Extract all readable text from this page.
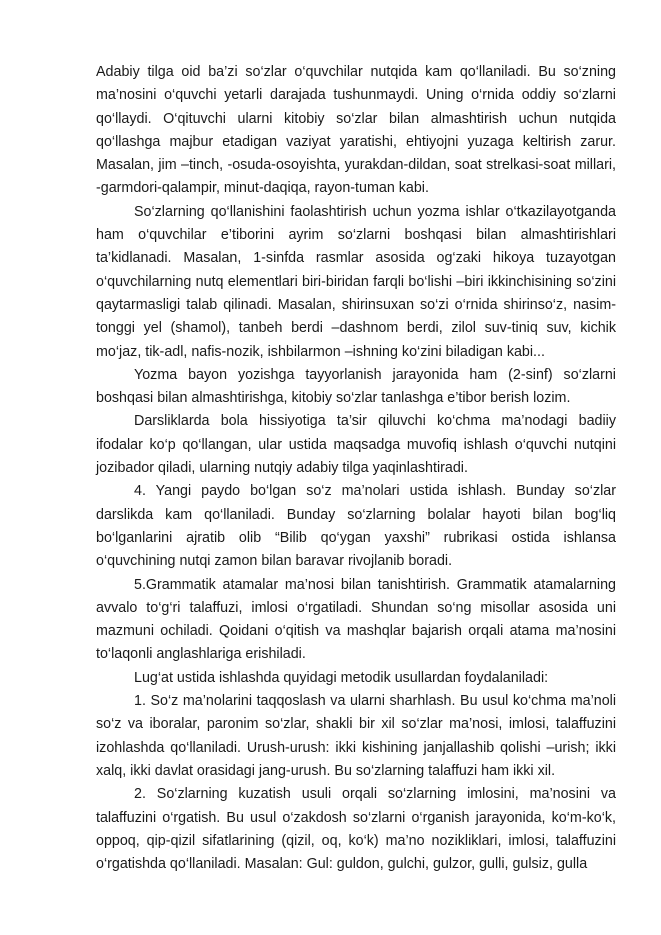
Adabiy tilga oid ba’zi so‘zlar o‘quvchilar nutqida kam qo‘llaniladi. Bu so‘zning ma’nosini o‘quvchi yetarli darajada tushunmaydi. Uning o‘rnida oddiy so‘zlarni qo‘llaydi. O‘qituvchi ularni kitobiy so‘zlar bilan almashtirish uchun nutqida qo‘llashga majbur etadigan vaziyat yaratishi, ehtiyojni yuzaga keltirish zarur. Masalan, jim –tinch, -osuda-osoyishta, yurakdan-dildan, soat strelkasi-soat millari, -garmdori-qalampir, minut-daqiqa, rayon-tuman kabi.

So‘zlarning qo‘llanishini faolashtirish uchun yozma ishlar o‘tkazilayotganda ham o‘quvchilar e’tiborini ayrim so‘zlarni boshqasi bilan almashtirishlari ta’kidlanadi. Masalan, 1-sinfda rasmlar asosida og‘zaki hikoya tuzayotgan o‘quvchilarning nutq elementlari biri-biridan farqli bo‘lishi –biri ikkinchisining so‘zini qaytarmasligi talab qilinadi. Masalan, shirinsuxan so‘zi o‘rnida shirinso‘z, nasim-tonggi yel (shamol), tanbeh berdi –dashnom berdi, zilol suv-tiniq suv, kichik mo‘jaz, tik-adl, nafis-nozik, ishbilarmon –ishning ko‘zini biladigan kabi...

Yozma bayon yozishga tayyorlanish jarayonida ham (2-sinf) so‘zlarni boshqasi bilan almashtirishga, kitobiy so‘zlar tanlashga e’tibor berish lozim.

Darsliklarda bola hissiyotiga ta’sir qiluvchi ko‘chma ma’nodagi badiiy ifodalar ko‘p qo‘llangan, ular ustida maqsadga muvofiq ishlash o‘quvchi nutqini jozibador qiladi, ularning nutqiy adabiy tilga yaqinlashtiradi.

4. Yangi paydo bo‘lgan so‘z ma’nolari ustida ishlash. Bunday so‘zlar darslikda kam qo‘llaniladi. Bunday so‘zlarning bolalar hayoti bilan bog‘liq bo‘lganlarini ajratib olib “Bilib qo‘ygan yaxshi” rubrikasi ostida ishlansa o‘quvchining nutqi zamon bilan baravar rivojlanib boradi.

5.Grammatik atamalar ma’nosi bilan tanishtirish. Grammatik atamalarning avvalo to‘g‘ri talaffuzi, imlosi o‘rgatiladi. Shundan so‘ng misollar asosida uni mazmuni ochiladi. Qoidani o‘qitish va mashqlar bajarish orqali atama ma’nosini to‘laqonli anglashlariga erishiladi.

Lug‘at ustida ishlashda quyidagi metodik usullardan foydalaniladi:

1. So‘z ma’nolarini taqqoslash va ularni sharhlash. Bu usul ko‘chma ma’noli so‘z va iboralar, paronim so‘zlar, shakli bir xil so‘zlar ma’nosi, imlosi, talaffuzini izohlashda qo‘llaniladi. Urush-urush: ikki kishining janjallashib qolishi –urish; ikki xalq, ikki davlat orasidagi jang-urush. Bu so‘zlarning talaffuzi ham ikki xil.

2. So‘zlarning kuzatish usuli orqali so‘zlarning imlosini, ma’nosini va talaffuzini o‘rgatish. Bu usul o‘zakdosh so‘zlarni o‘rganish jarayonida, ko‘m-ko‘k, oppoq, qip-qizil sifatlarining (qizil, oq, ko‘k) ma’no nozikliklari, imlosi, talaffuzini o‘rgatishda qo‘llaniladi. Masalan: Gul: guldon, gulchi, gulzor, gulli, gulsiz, gulla
